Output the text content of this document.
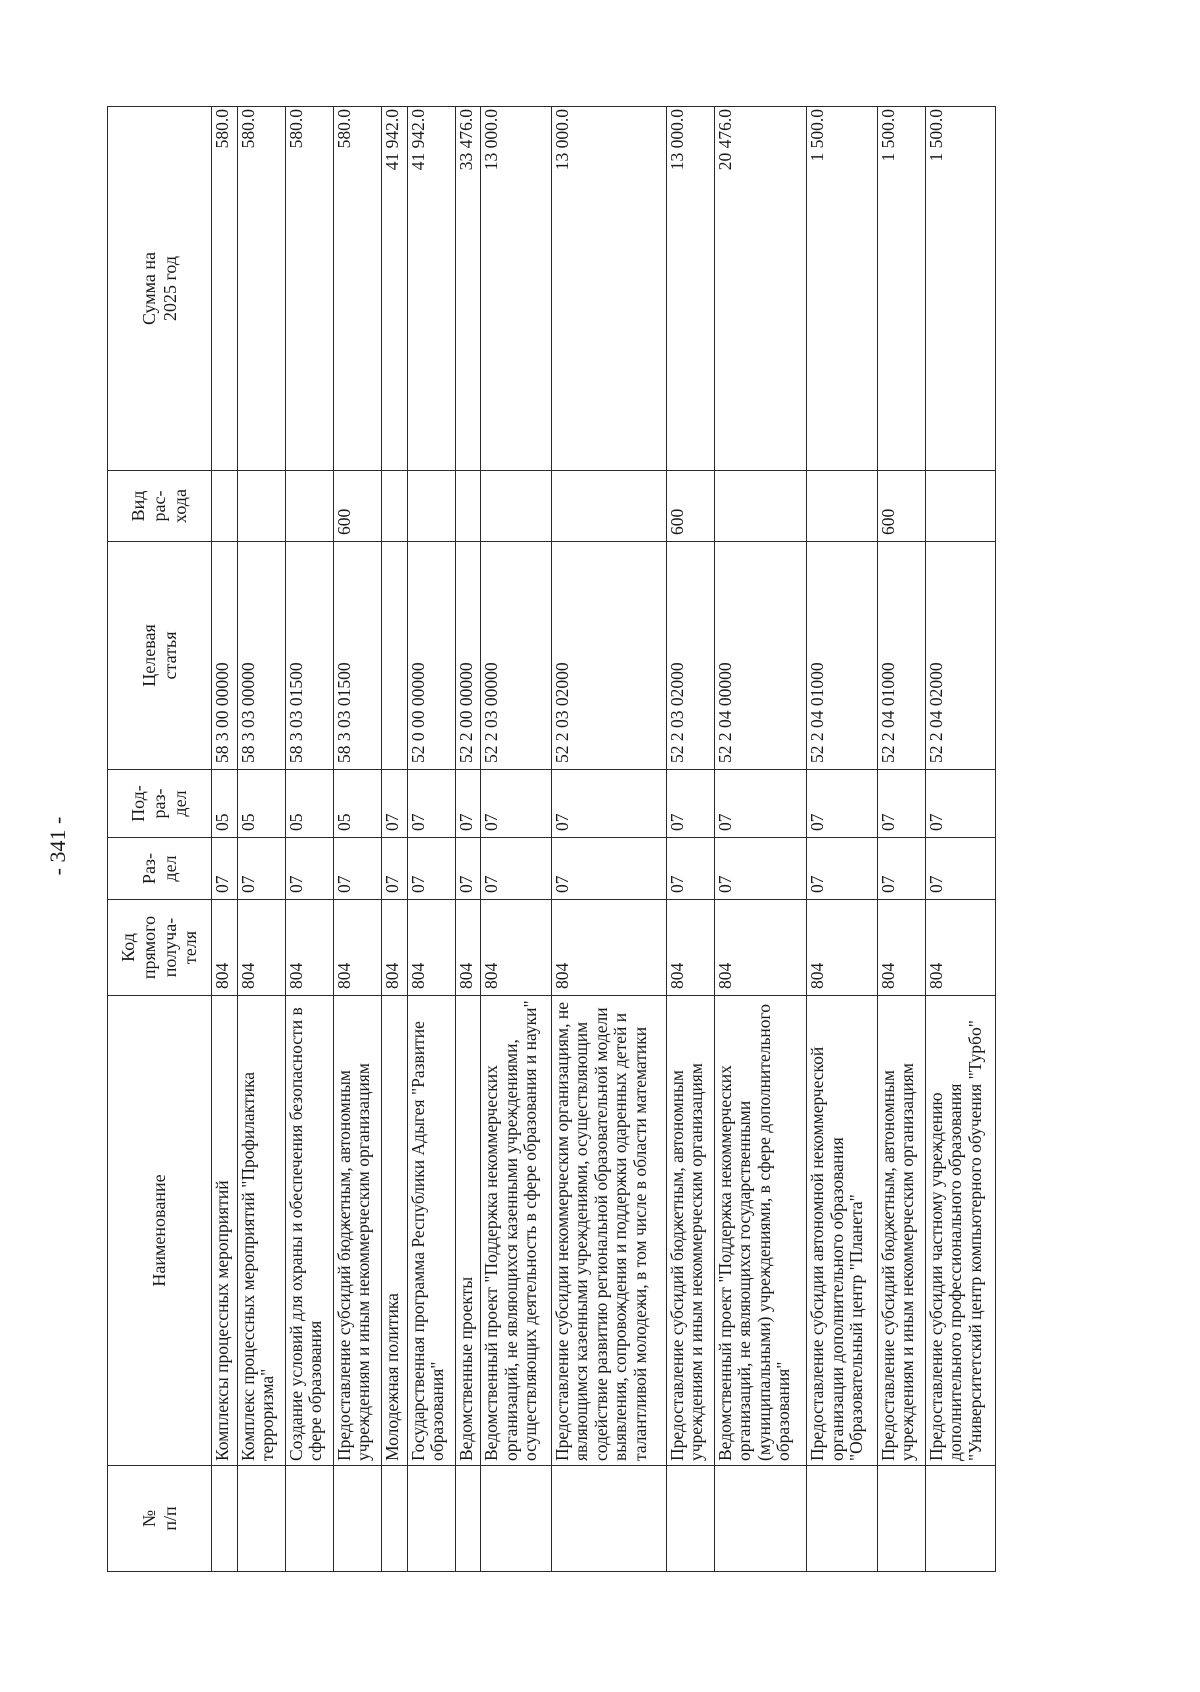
- 341 -
№
п/п	Наименование	Код
прямого
получа-
теля	Раз-
дел	Под-
раз-
дел	Целевая
статья	Вид
рас-
хода	Сумма на
2025 год
	Комплексы процессных мероприятий	804	07	05	58 3 00 00000		580.0
	Комплекс процессных мероприятий "Профилактика терроризма"	804	07	05	58 3 03 00000		580.0
	Создание условий для охраны и обеспечения безопасности в сфере образования	804	07	05	58 3 03 01500		580.0
	Предоставление субсидий бюджетным, автономным учреждениям и иным некоммерческим организациям	804	07	05	58 3 03 01500	600	580.0
	Молодежная политика	804	07	07			41 942.0
	Государственная программа Республики Адыгея "Развитие образования"	804	07	07	52 0 00 00000		41 942.0
	Ведомственные проекты	804	07	07	52 2 00 00000		33 476.0
	Ведомственный проект "Поддержка некоммерческих организаций, не являющихся казенными учреждениями, осуществляющих деятельность в сфере образования и науки"	804	07	07	52 2 03 00000		13 000.0
	Предоставление субсидии некоммерческим организациям, не являющимся казенными учреждениями, осуществляющим содействие развитию региональной образовательной модели выявления, сопровождения и поддержки одаренных детей и талантливой молодежи, в том числе в области математики	804	07	07	52 2 03 02000		13 000.0
	Предоставление субсидий бюджетным, автономным учреждениям и иным некоммерческим организациям	804	07	07	52 2 03 02000	600	13 000.0
	Ведомственный проект "Поддержка некоммерческих организаций, не являющихся государственными (муниципальными) учреждениями, в сфере дополнительного образования"	804	07	07	52 2 04 00000		20 476.0
	Предоставление субсидии автономной некоммерческой организации дополнительного образования "Образовательный центр "Планета"	804	07	07	52 2 04 01000		1 500.0
	Предоставление субсидий бюджетным, автономным учреждениям и иным некоммерческим организациям	804	07	07	52 2 04 01000	600	1 500.0
	Предоставление субсидии частному учреждению дополнительного профессионального образования "Университетский центр компьютерного обучения "Турбо"	804	07	07	52 2 04 02000		1 500.0
